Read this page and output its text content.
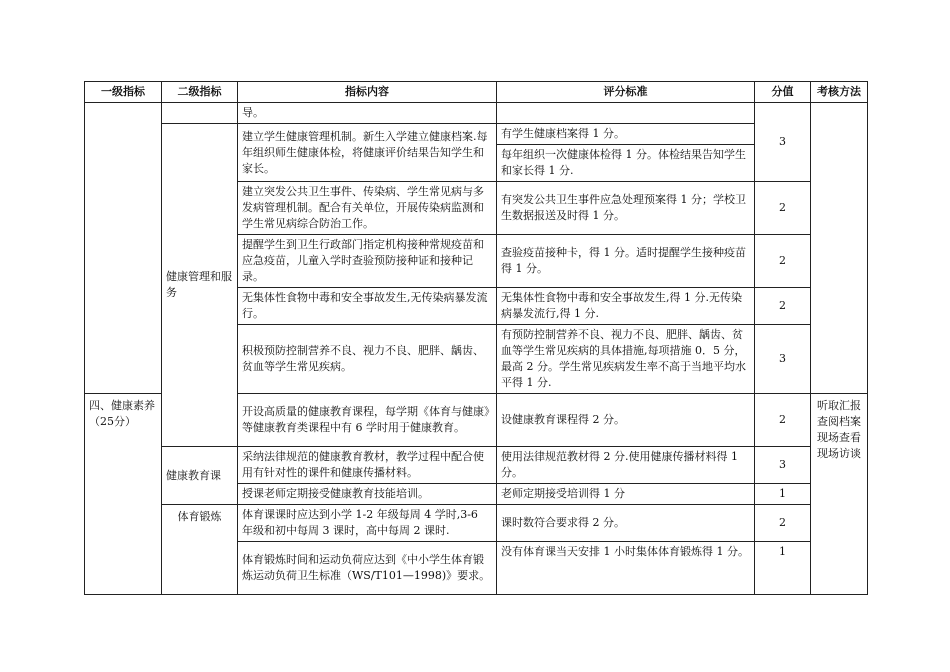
一级指标	二级指标	指标内容	评分标准	分值	考核方法
		导。		3	
	健康管理和服务	建立学生健康管理机制。新生入学建立健康档案.每年组织师生健康体检，将健康评价结果告知学生和家长。	有学生健康档案得 1 分。		
			每年组织一次健康体检得 1 分。体检结果告知学生和家长得 1 分.		
		建立突发公共卫生事件、传染病、学生常见病与多发病管理机制。配合有关单位，开展传染病监测和学生常见病综合防治工作。	有突发公共卫生事件应急处理预案得 1 分；学校卫生数据报送及时得 1 分。	2	
		提醒学生到卫生行政部门指定机构接种常规疫苗和应急疫苗，儿童入学时查验预防接种证和接种记录。	查验疫苗接种卡，得 1 分。适时提醒学生接种疫苗得 1 分。	2	
		无集体性食物中毒和安全事故发生,无传染病暴发流行。	无集体性食物中毒和安全事故发生,得 1 分.无传染病暴发流行,得 1 分.	2	
		积极预防控制营养不良、视力不良、肥胖、龋齿、贫血等学生常见疾病。	有预防控制营养不良、视力不良、肥胖、龋齿、贫血等学生常见疾病的具体措施,每项措施 0．5 分，最高 2 分。学生常见疾病发生率不高于当地平均水平得 1 分.	3	
四、健康素养（25分）		开设高质量的健康教育课程，每学期《体育与健康》等健康教育类课程中有 6 学时用于健康教育。	设健康教育课程得 2 分。	2	听取汇报查阅档案现场查看现场访谈
	健康教育课	采纳法律规范的健康教育教材，教学过程中配合使用有针对性的课件和健康传播材料。	使用法律规范教材得 2 分.使用健康传播材料得 1 分。	3	
		授课老师定期接受健康教育技能培训。	老师定期接受培训得 1 分	1	
	体育锻炼	体育课课时应达到小学 1-2 年级每周 4 学时,3-6 年级和初中每周 3 课时，高中每周 2 课时.	课时数符合要求得 2 分。	2	
		体育锻炼时间和运动负荷应达到《中小学生体育锻炼运动负荷卫生标准（WS/T101—1998)》要求。	没有体育课当天安排 1 小时集体体育锻炼得 1 分。	1	
